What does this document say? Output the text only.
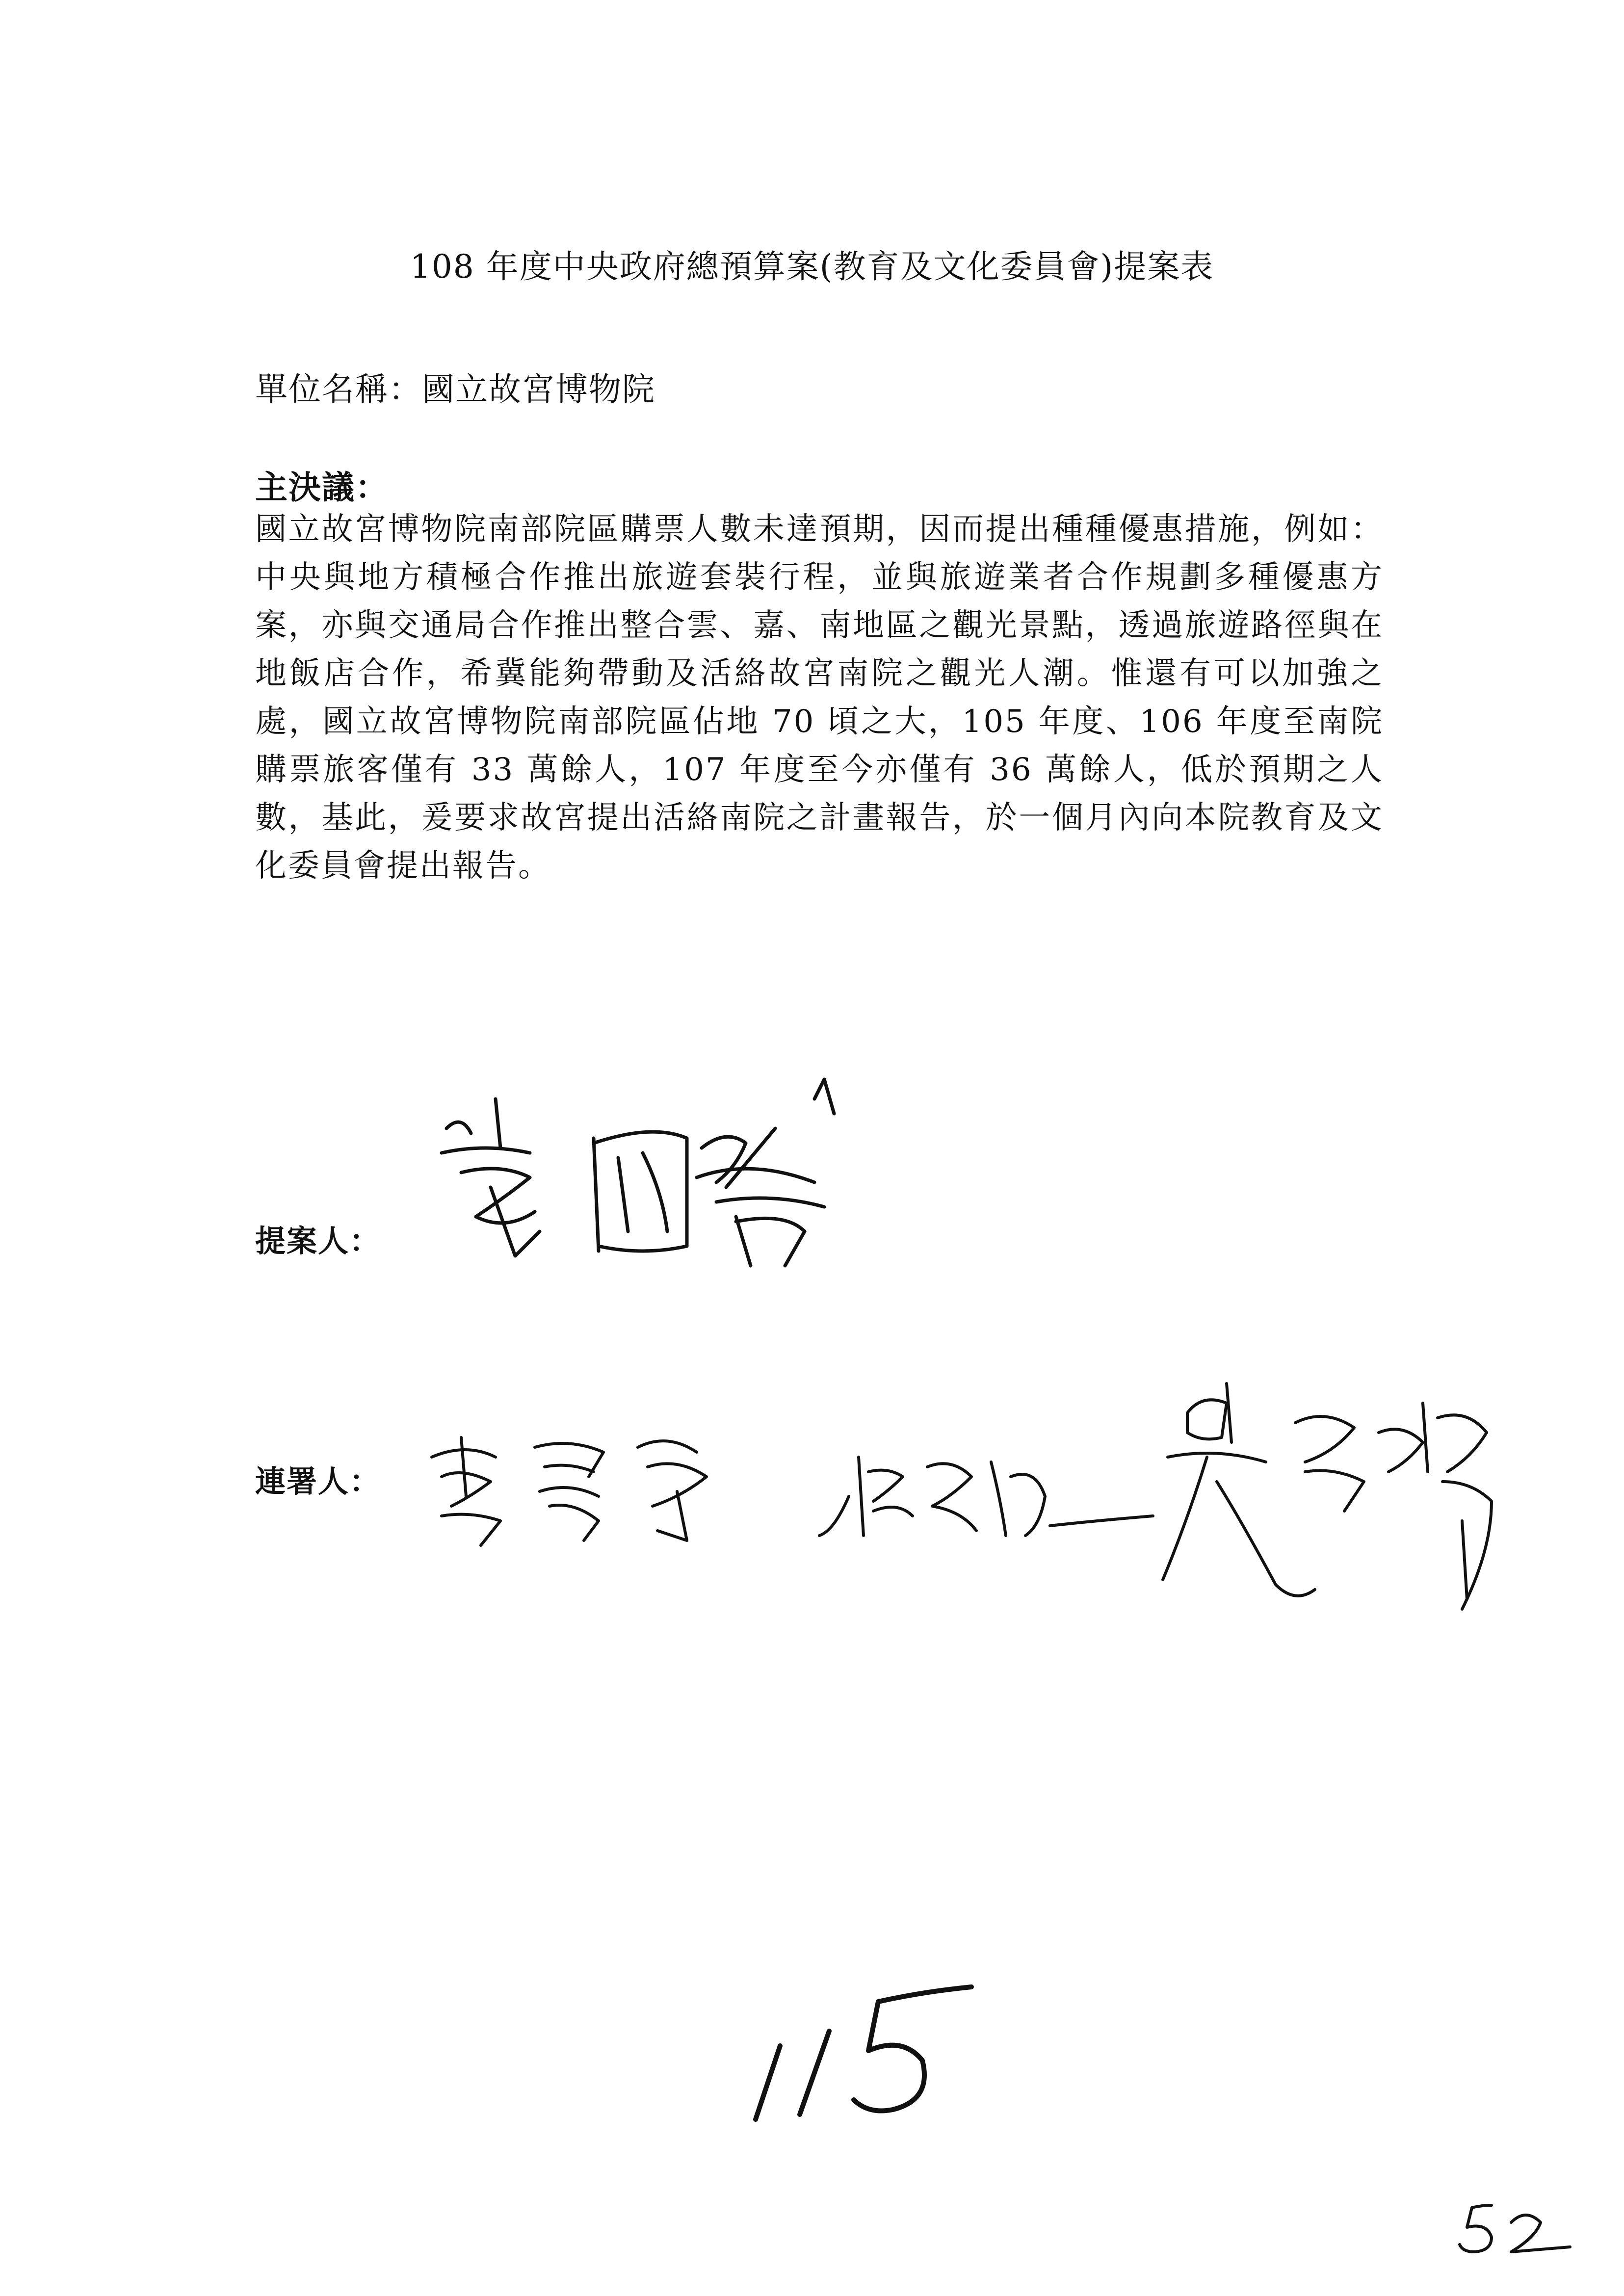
108 年度中央政府總預算案(教育及文化委員會)提案表
單位名稱：國立故宮博物院
主決議：
國立故宮博物院南部院區購票人數未達預期，因而提出種種優惠措施，例如：中央與地方積極合作推出旅遊套裝行程，並與旅遊業者合作規劃多種優惠方案，亦與交通局合作推出整合雲、嘉、南地區之觀光景點，透過旅遊路徑與在地飯店合作，希冀能夠帶動及活絡故宮南院之觀光人潮。惟還有可以加強之處，國立故宮博物院南部院區佔地 70 頃之大，105 年度、106 年度至南院購票旅客僅有 33 萬餘人，107 年度至今亦僅有 36 萬餘人，低於預期之人數，基此，爰要求故宮提出活絡南院之計畫報告，於一個月內向本院教育及文化委員會提出報告。
提案人：
連署人：
